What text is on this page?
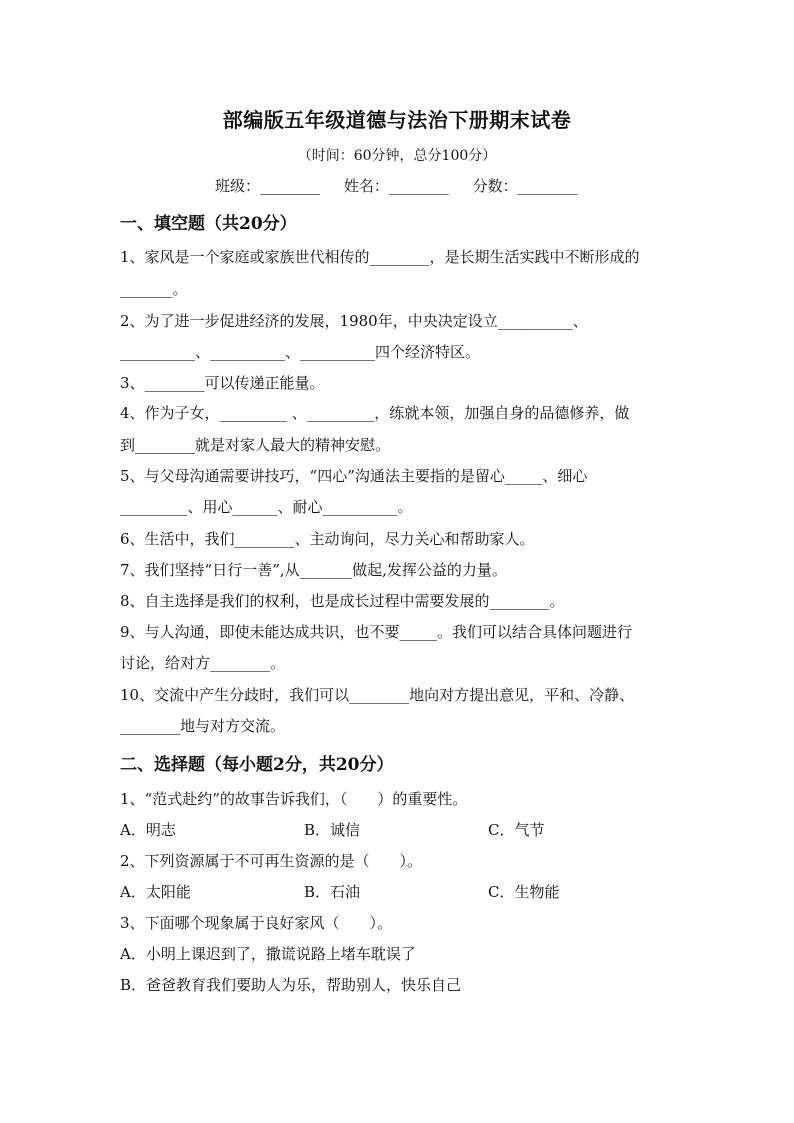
部编版五年级道德与法治下册期末试卷
（时间：60分钟，总分100分）
班级：________     姓名：________     分数：________
一、填空题（共20分）
1、家风是一个家庭或家族世代相传的________，是长期生活实践中不断形成的
_______。
2、为了进一步促进经济的发展，1980年，中央决定设立__________、
__________、__________、__________四个经济特区。
3、________可以传递正能量。
4、作为子女，_________ 、_________，练就本领，加强自身的品德修养，做
到________就是对家人最大的精神安慰。
5、与父母沟通需要讲技巧，“四心”沟通法主要指的是留心_____、细心
_________、用心______、耐心__________。
6、生活中，我们________、主动询问，尽力关心和帮助家人。
7、我们坚持“日行一善”,从_______做起,发挥公益的力量。
8、自主选择是我们的权利，也是成长过程中需要发展的________。
9、与人沟通，即使未能达成共识，也不要_____。我们可以结合具体问题进行
讨论，给对方________。
10、交流中产生分歧时，我们可以________地向对方提出意见，平和、冷静、
________地与对方交流。
二、选择题（每小题2分，共20分）
1、“范式赴约”的故事告诉我们，（　　）的重要性。
A．明志	B．诚信	C．气节
2、下列资源属于不可再生资源的是（　　）。
A．太阳能	B．石油	C．生物能
3、下面哪个现象属于良好家风（　　）。
A．小明上课迟到了，撒谎说路上堵车耽误了
B．爸爸教育我们要助人为乐，帮助别人，快乐自己
